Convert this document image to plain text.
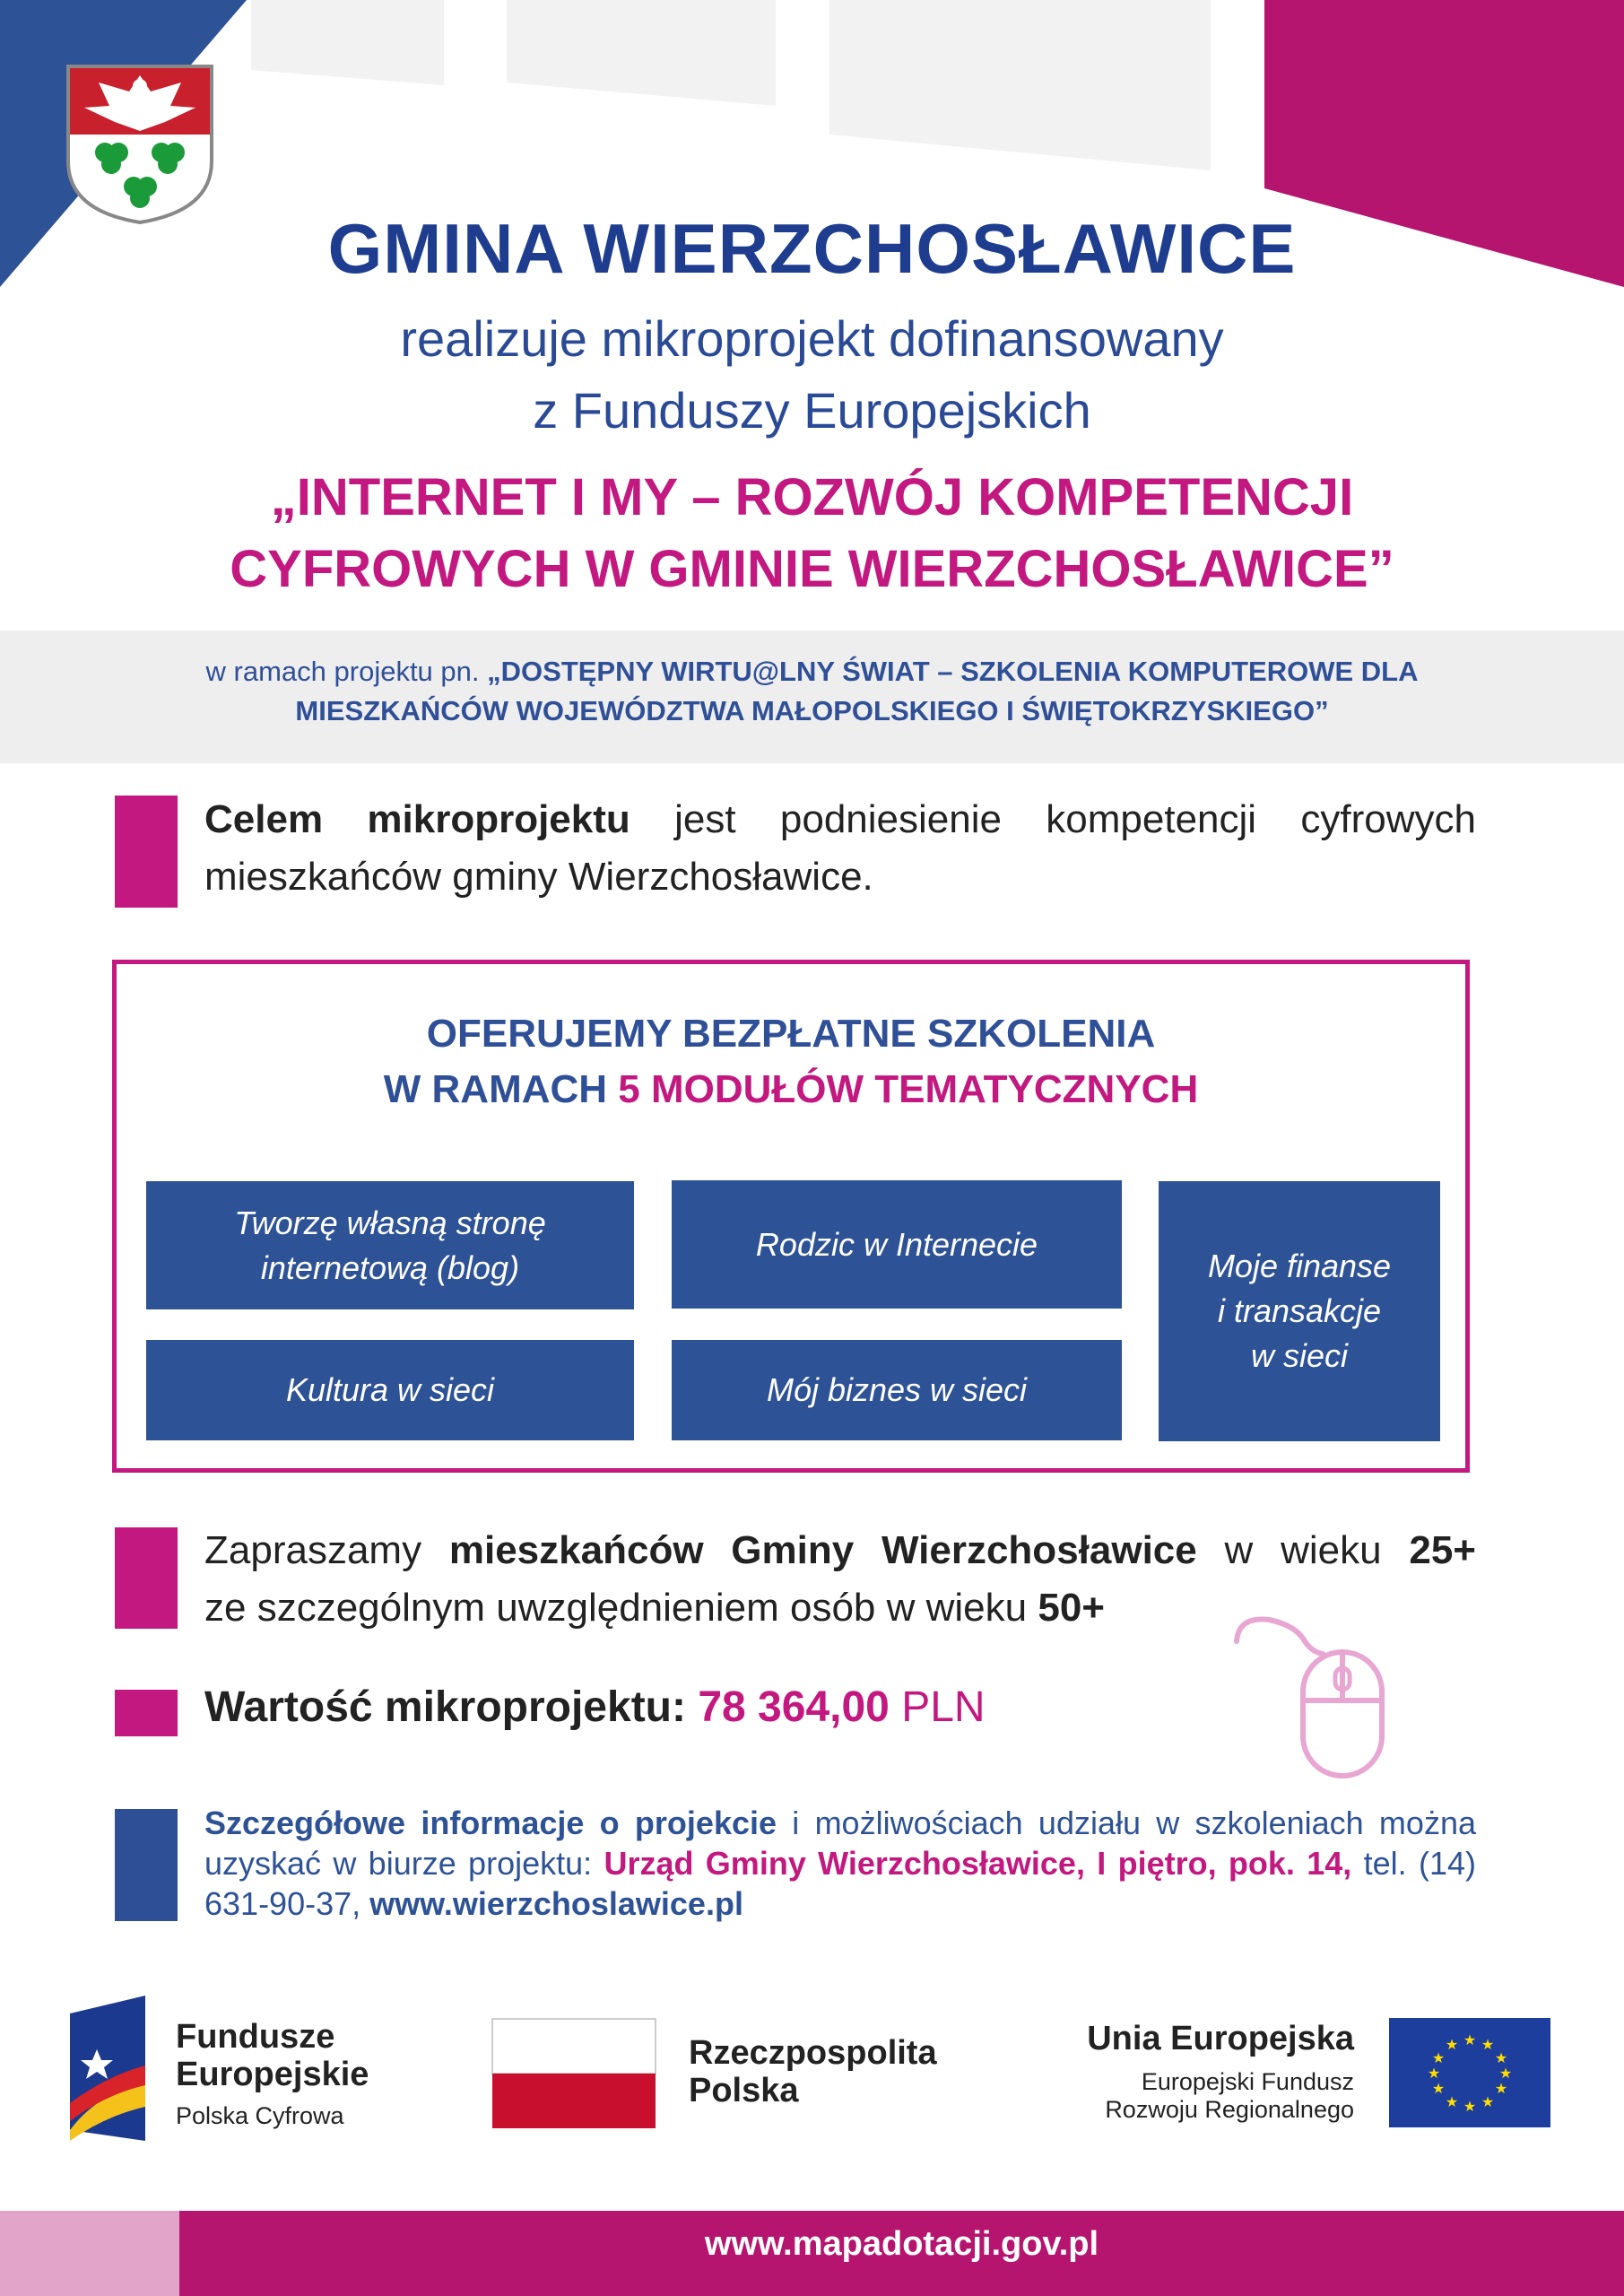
GMINA WIERZCHOSŁAWICE
realizuje mikroprojekt dofinansowany
z Funduszy Europejskich
„INTERNET I MY – ROZWÓJ KOMPETENCJI
CYFROWYCH W GMINIE WIERZCHOSŁAWICE”
w ramach projektu pn. „DOSTĘPNY WIRTU@LNY ŚWIAT – SZKOLENIA KOMPUTEROWE DLA
MIESZKAŃCÓW WOJEWÓDZTWA MAŁOPOLSKIEGO I ŚWIĘTOKRZYSKIEGO”
Celem mikroprojektu jest podniesienie kompetencji cyfrowych mieszkańców gminy Wierzchosławice.
OFERUJEMY BEZPŁATNE SZKOLENIA
W RAMACH 5 MODUŁÓW TEMATYCZNYCH
Tworzę własną stronę
internetową (blog)
Rodzic w Internecie
Moje finanse
i transakcje
w sieci
Kultura w sieci	Mój biznes w sieci
Zapraszamy mieszkańców Gminy Wierzchosławice w wieku 25+
ze szczególnym uwzględnieniem osób w wieku 50+
Wartość mikroprojektu: 78 364,00 PLN
Szczegółowe informacje o projekcie i możliwościach udziału w szkoleniach można uzyskać w biurze projektu: Urząd Gminy Wierzchosławice, I piętro, pok. 14, tel. (14) 631-90-37, www.wierzchoslawice.pl
Fundusze
Europejskie
Polska Cyfrowa
Rzeczpospolita
Polska
Unia Europejska
Europejski Fundusz
Rozwoju Regionalnego
★ ★
★
★
★
★
★
★
★
★
★
★
www.mapadotacji.gov.pl
